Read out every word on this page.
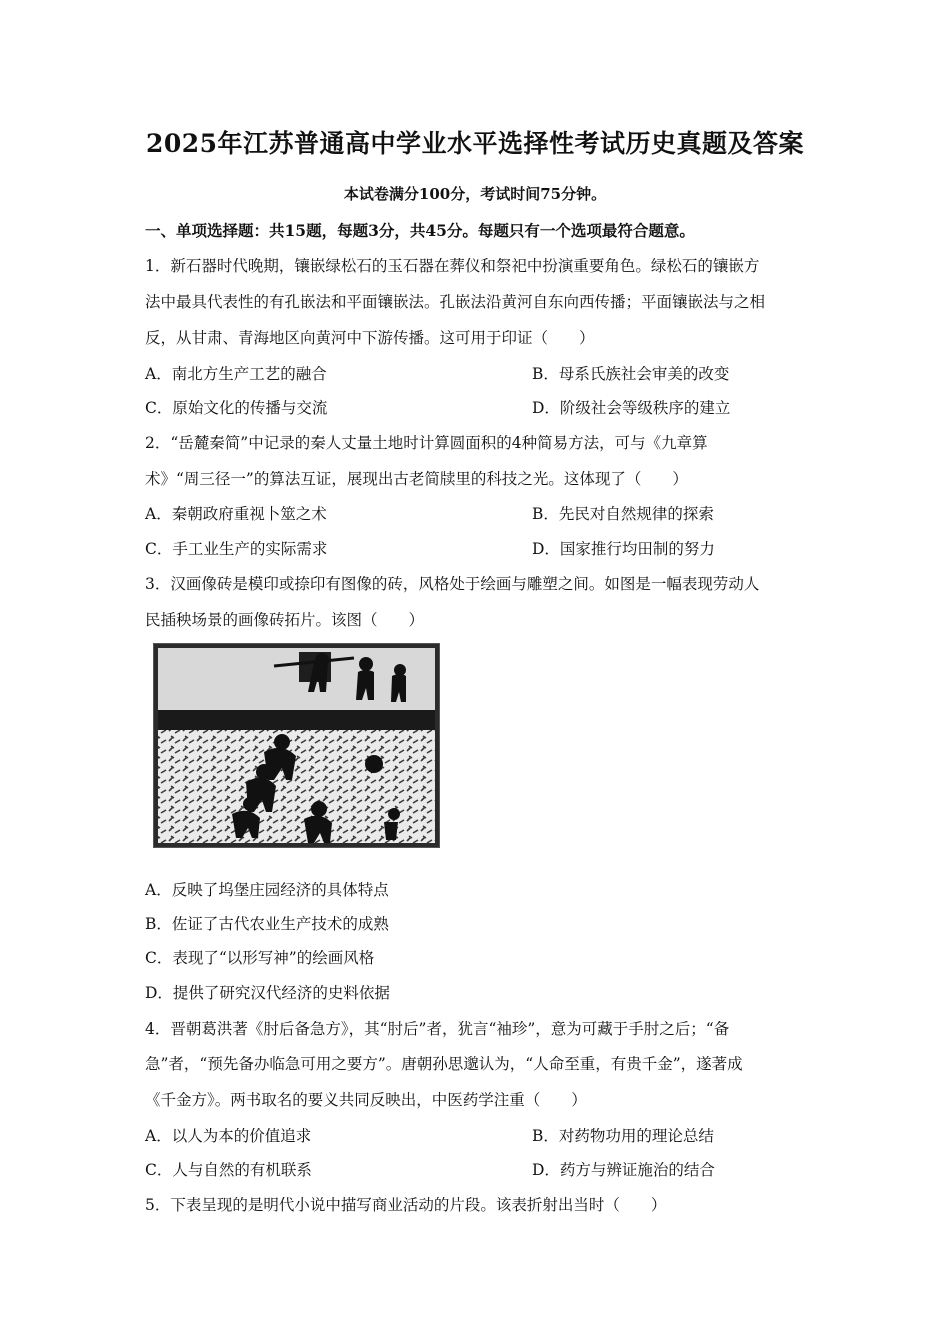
2025年江苏普通高中学业水平选择性考试历史真题及答案
本试卷满分100分，考试时间75分钟。
一、单项选择题：共15题，每题3分，共45分。每题只有一个选项最符合题意。
1．新石器时代晚期，镶嵌绿松石的玉石器在葬仪和祭祀中扮演重要角色。绿松石的镶嵌方
法中最具代表性的有孔嵌法和平面镶嵌法。孔嵌法沿黄河自东向西传播；平面镶嵌法与之相
反，从甘肃、青海地区向黄河中下游传播。这可用于印证（　　）
A．南北方生产工艺的融合	B．母系氏族社会审美的改变
C．原始文化的传播与交流	D．阶级社会等级秩序的建立
2．“岳麓秦简”中记录的秦人丈量土地时计算圆面积的4种简易方法，可与《九章算
术》“周三径一”的算法互证，展现出古老简牍里的科技之光。这体现了（　　）
A．秦朝政府重视卜筮之术	B．先民对自然规律的探索
C．手工业生产的实际需求	D．国家推行均田制的努力
3．汉画像砖是模印或捺印有图像的砖，风格处于绘画与雕塑之间。如图是一幅表现劳动人
民插秧场景的画像砖拓片。该图（　　）
A．反映了坞堡庄园经济的具体特点
B．佐证了古代农业生产技术的成熟
C．表现了“以形写神”的绘画风格
D．提供了研究汉代经济的史料依据
4．晋朝葛洪著《肘后备急方》，其“肘后”者，犹言“袖珍”，意为可藏于手肘之后；“备
急”者，“预先备办临急可用之要方”。唐朝孙思邈认为，“人命至重，有贵千金”，遂著成
《千金方》。两书取名的要义共同反映出，中医药学注重（　　）
A．以人为本的价值追求	B．对药物功用的理论总结
C．人与自然的有机联系	D．药方与辨证施治的结合
5．下表呈现的是明代小说中描写商业活动的片段。该表折射出当时（　　）
